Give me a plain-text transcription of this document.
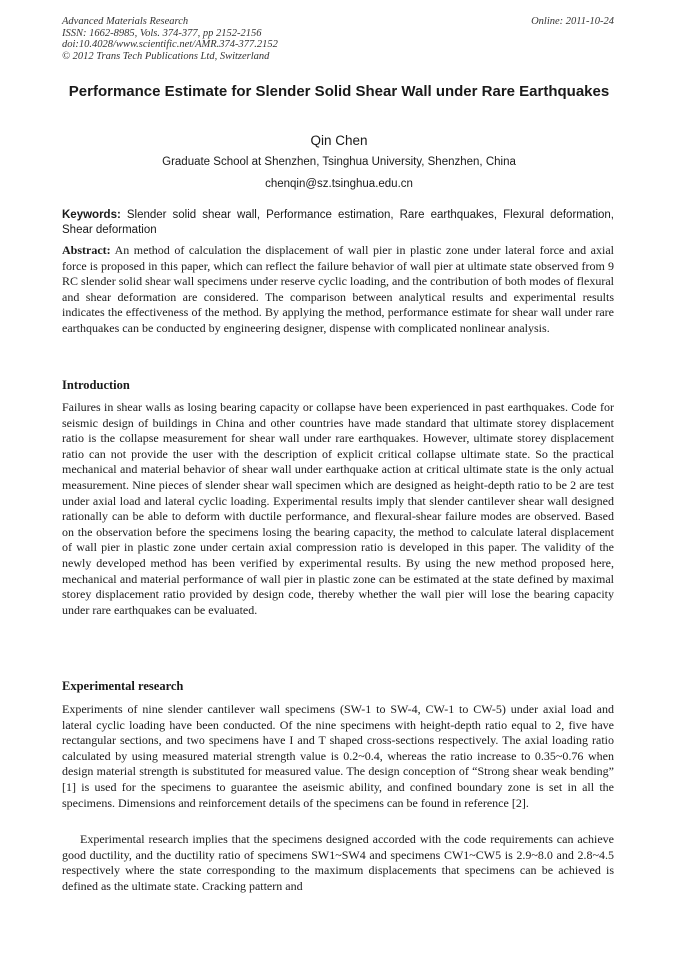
Advanced Materials Research
ISSN: 1662-8985, Vols. 374-377, pp 2152-2156
doi:10.4028/www.scientific.net/AMR.374-377.2152
© 2012 Trans Tech Publications Ltd, Switzerland
Online: 2011-10-24
Performance Estimate for Slender Solid Shear Wall under Rare Earthquakes
Qin Chen
Graduate School at Shenzhen, Tsinghua University, Shenzhen, China
chenqin@sz.tsinghua.edu.cn
Keywords: Slender solid shear wall, Performance estimation, Rare earthquakes, Flexural deformation, Shear deformation
Abstract: An method of calculation the displacement of wall pier in plastic zone under lateral force and axial force is proposed in this paper, which can reflect the failure behavior of wall pier at ultimate state observed from 9 RC slender solid shear wall specimens under reserve cyclic loading, and the contribution of both modes of flexural and shear deformation are considered. The comparison between analytical results and experimental results indicates the effectiveness of the method. By applying the method, performance estimate for shear wall under rare earthquakes can be conducted by engineering designer, dispense with complicated nonlinear analysis.
Introduction
Failures in shear walls as losing bearing capacity or collapse have been experienced in past earthquakes. Code for seismic design of buildings in China and other countries have made standard that ultimate storey displacement ratio is the collapse measurement for shear wall under rare earthquakes. However, ultimate storey displacement ratio can not provide the user with the description of explicit critical collapse ultimate state. So the practical mechanical and material behavior of shear wall under earthquake action at critical ultimate state is the only actual measurement. Nine pieces of slender shear wall specimen which are designed as height-depth ratio to be 2 are test under axial load and lateral cyclic loading. Experimental results imply that slender cantilever shear wall designed rationally can be able to deform with ductile performance, and flexural-shear failure modes are observed. Based on the observation before the specimens losing the bearing capacity, the method to calculate lateral displacement of wall pier in plastic zone under certain axial compression ratio is developed in this paper. The validity of the newly developed method has been verified by experimental results. By using the new method proposed here, mechanical and material performance of wall pier in plastic zone can be estimated at the state defined by maximal storey displacement ratio provided by design code, thereby whether the wall pier will lose the bearing capacity under rare earthquakes can be evaluated.
Experimental research
Experiments of nine slender cantilever wall specimens (SW-1 to SW-4, CW-1 to CW-5) under axial load and lateral cyclic loading have been conducted. Of the nine specimens with height-depth ratio equal to 2, five have rectangular sections, and two specimens have I and T shaped cross-sections respectively. The axial loading ratio calculated by using measured material strength value is 0.2~0.4, whereas the ratio increase to 0.35~0.76 when design material strength is substituted for measured value. The design conception of “Strong shear weak bending” [1] is used for the specimens to guarantee the aseismic ability, and confined boundary zone is set in all the specimens. Dimensions and reinforcement details of the specimens can be found in reference [2].
Experimental research implies that the specimens designed accorded with the code requirements can achieve good ductility, and the ductility ratio of specimens SW1~SW4 and specimens CW1~CW5 is 2.9~8.0 and 2.8~4.5 respectively where the state corresponding to the maximum displacements that specimens can be achieved is defined as the ultimate state. Cracking pattern and
